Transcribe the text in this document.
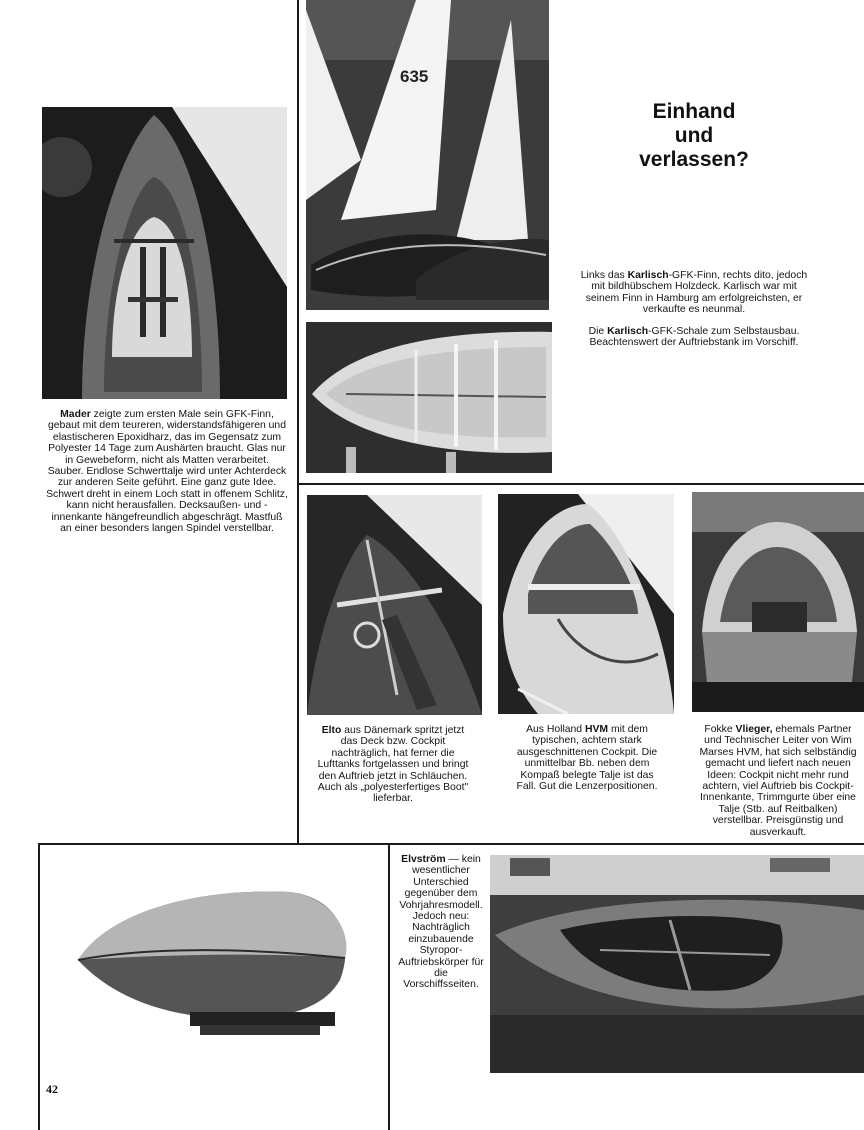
635
Einhand
und
verlassen?

Links das Karlisch-GFK-Finn, rechts dito, jedoch mit bildhübschem Holzdeck. Karlisch war mit seinem Finn in Hamburg am erfolgreichsten, er verkaufte es neunmal.

Die Karlisch-GFK-Schale zum Selbstausbau. Beachtenswert der Auftriebstank im Vorschiff.

Mader zeigte zum ersten Male sein GFK-Finn, gebaut mit dem teureren, widerstandsfähigeren und elastischeren Epoxidharz, das im Gegensatz zum Polyester 14 Tage zum Aushärten braucht. Glas nur in Gewebeform, nicht als Matten verarbeitet. Sauber. Endlose Schwerttalje wird unter Achterdeck zur anderen Seite geführt. Eine ganz gute Idee. Schwert dreht in einem Loch statt in offenem Schlitz, kann nicht herausfallen. Decksaußen- und -innenkante hängefreundlich abgeschrägt. Mastfuß an einer besonders langen Spindel verstellbar.

Elto aus Dänemark spritzt jetzt das Deck bzw. Cockpit nachträglich, hat ferner die Lufttanks fortgelassen und bringt den Auftrieb jetzt in Schläuchen. Auch als „polyesterfertiges Boot" lieferbar.

Aus Holland HVM mit dem typischen, achtern stark ausgeschnittenen Cockpit. Die unmittelbar Bb. neben dem Kompaß belegte Talje ist das Fall. Gut die Lenzerpositionen.

Fokke Vlieger, ehemals Partner und Technischer Leiter von Wim Marses HVM, hat sich selbständig gemacht und liefert nach neuen Ideen: Cockpit nicht mehr rund achtern, viel Auftrieb bis Cockpit-Innenkante, Trimmgurte über eine Talje (Stb. auf Reitbalken) verstellbar. Preisgünstig und ausverkauft.

Elvström — kein wesentlicher Unterschied gegenüber dem Vohrjahresmodell. Jedoch neu: Nachträglich einzubauende Styropor-Auftriebskörper für die Vorschiffsseiten.

42
